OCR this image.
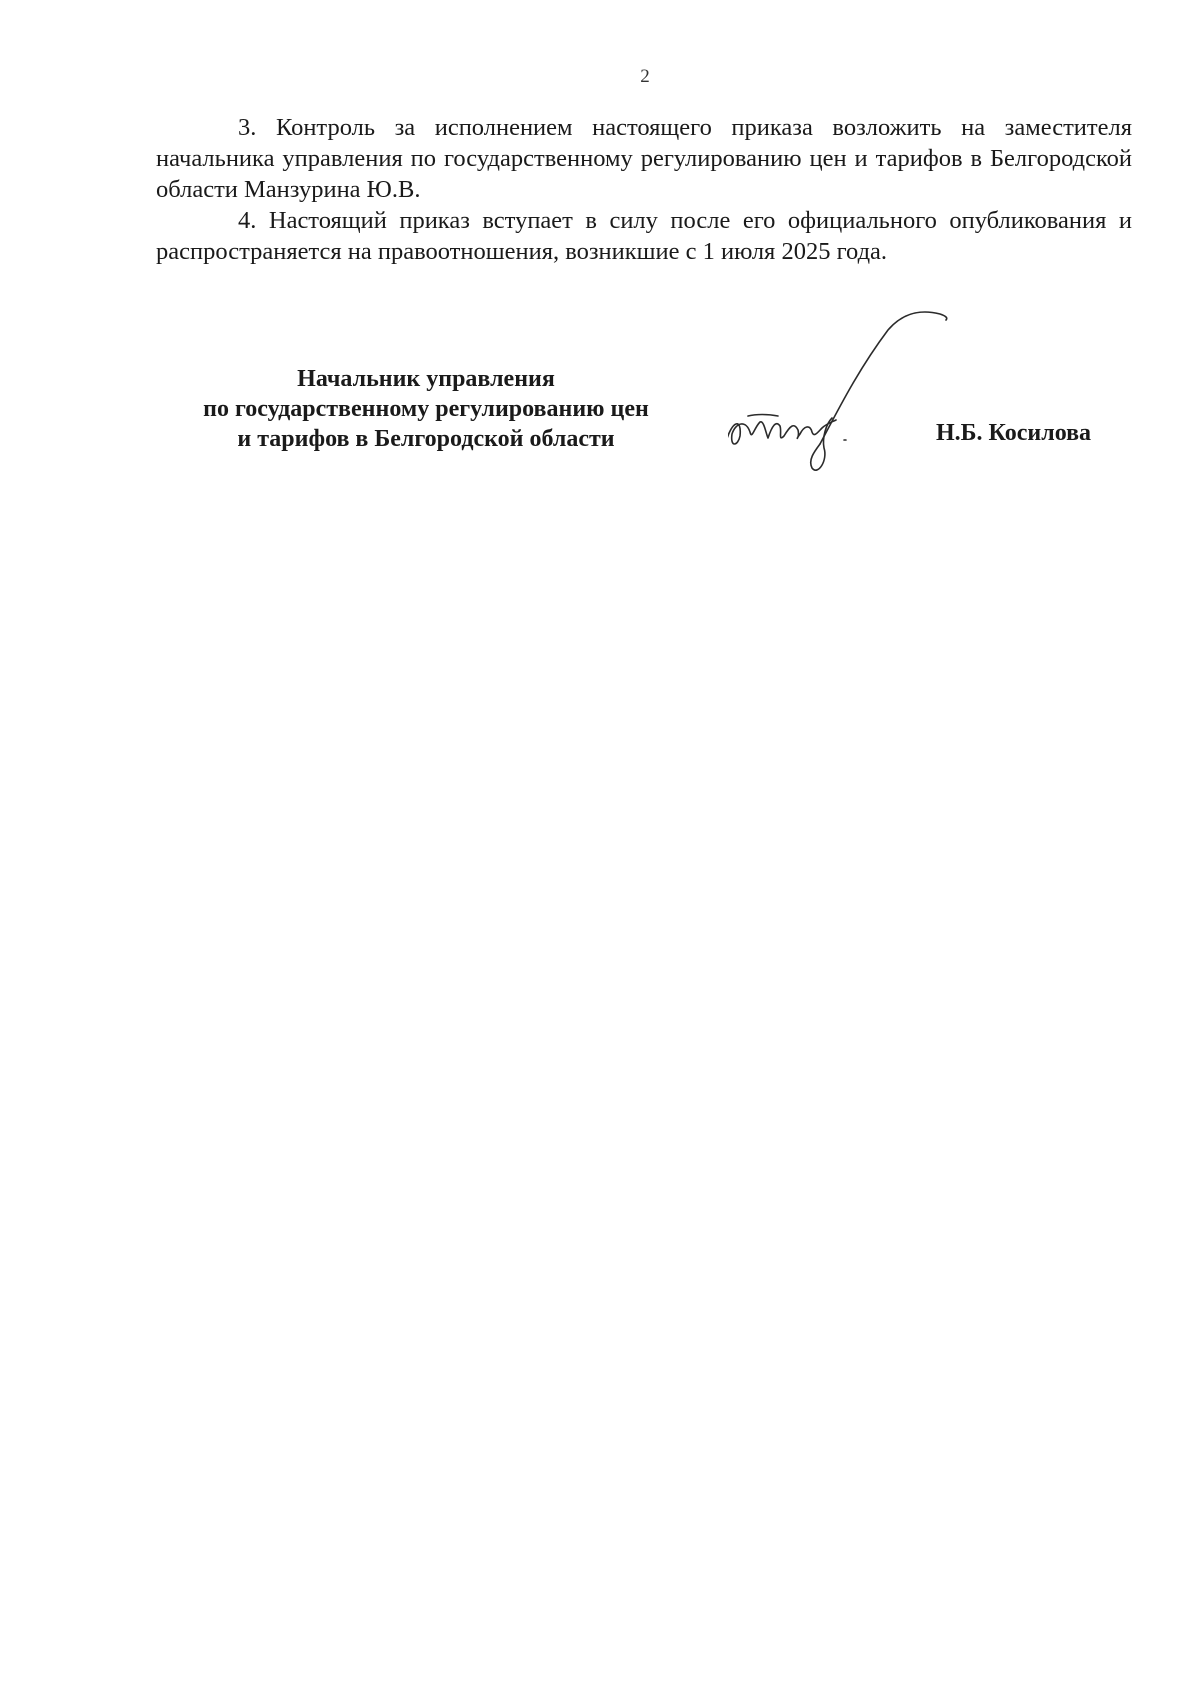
2

3. Контроль за исполнением настоящего приказа возложить на заместителя начальника управления по государственному регулированию цен и тарифов в Белгородской области Манзурина Ю.В.

4. Настоящий приказ вступает в силу после его официального опубликования и распространяется на правоотношения, возникшие с 1 июля 2025 года.

Начальник управления
по государственному регулированию цен
и тарифов в Белгородской области	Н.Б. Косилова
